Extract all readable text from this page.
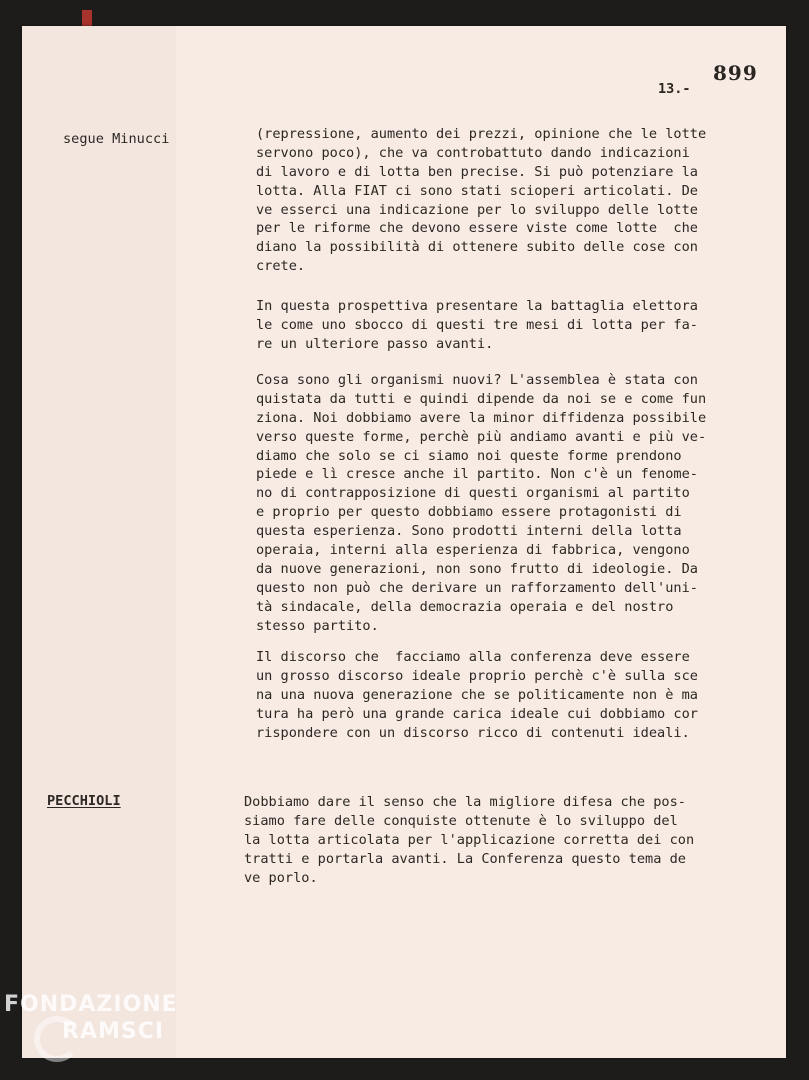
899
13.-
segue Minucci	(repressione, aumento dei prezzi, opinione che le lotte
servono poco), che va controbattuto dando indicazioni
di lavoro e di lotta ben precise. Si può potenziare la
lotta. Alla FIAT ci sono stati scioperi articolati. De
ve esserci una indicazione per lo sviluppo delle lotte
per le riforme che devono essere viste come lotte  che
diano la possibilità di ottenere subito delle cose con
crete.
In questa prospettiva presentare la battaglia elettora
le come uno sbocco di questi tre mesi di lotta per fa-
re un ulteriore passo avanti.
Cosa sono gli organismi nuovi? L'assemblea è stata con
quistata da tutti e quindi dipende da noi se e come fun
ziona. Noi dobbiamo avere la minor diffidenza possibile
verso queste forme, perchè più andiamo avanti e più ve-
diamo che solo se ci siamo noi queste forme prendono
piede e lì cresce anche il partito. Non c'è un fenome-
no di contrapposizione di questi organismi al partito
e proprio per questo dobbiamo essere protagonisti di
questa esperienza. Sono prodotti interni della lotta
operaia, interni alla esperienza di fabbrica, vengono
da nuove generazioni, non sono frutto di ideologie. Da
questo non può che derivare un rafforzamento dell'uni-
tà sindacale, della democrazia operaia e del nostro
stesso partito.
Il discorso che  facciamo alla conferenza deve essere
un grosso discorso ideale proprio perchè c'è sulla sce
na una nuova generazione che se politicamente non è ma
tura ha però una grande carica ideale cui dobbiamo cor
rispondere con un discorso ricco di contenuti ideali.
PECCHIOLI	Dobbiamo dare il senso che la migliore difesa che pos-
siamo fare delle conquiste ottenute è lo sviluppo del
la lotta articolata per l'applicazione corretta dei con
tratti e portarla avanti. La Conferenza questo tema de
ve porlo.
FONDAZIONE
RAMSCI
